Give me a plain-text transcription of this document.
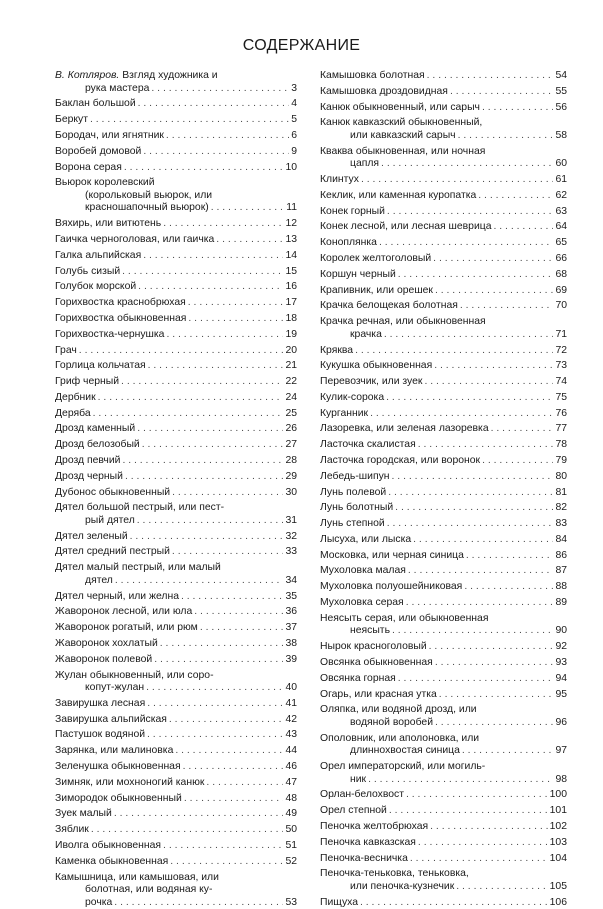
СОДЕРЖАНИЕ
В. Котляров.
Взгляд художника и
рука мастера . . .	3
Баклан большой . . .	4
Беркут . . .	5
Бородач, или ягнятник . . .	6
Воробей домовой . . .	9
Ворона серая . . .	10
Вьюрок королевский
(корольковый вьюрок, или
красношапочный вьюрок) . . .	11
Вяхирь, или витютень . . .	12
Гаичка черноголовая, или гаичка . . .	13
Галка альпийская . . .	14
Голубь сизый . . .	15
Голубок морской . . .	16
Горихвостка краснобрюхая . . .	17
Горихвостка обыкновенная . . .	18
Горихвостка-чернушка . . .	19
Грач . . .	20
Горлица кольчатая . . .	21
Гриф черный . . .	22
Дербник . . .	24
Деряба . . .	25
Дрозд каменный . . .	26
Дрозд белозобый . . .	27
Дрозд певчий . . .	28
Дрозд черный . . .	29
Дубонос обыкновенный . . .	30
Дятел большой пестрый, или пест-
рый дятел . . .	31
Дятел зеленый . . .	32
Дятел средний пестрый . . .	33
Дятел малый пестрый, или малый
дятел . . .	34
Дятел черный, или желна . . .	35
Жаворонок лесной, или юла . . .	36
Жаворонок рогатый, или рюм . . .	37
Жаворонок хохлатый . . .	38
Жаворонок полевой . . .	39
Жулан обыкновенный, или соро-
копут-жулан . . .	40
Завирушка лесная . . .	41
Завирушка альпийская . . .	42
Пастушок водяной . . .	43
Зарянка, или малиновка . . .	44
Зеленушка обыкновенная . . .	46
Зимняк, или мохноногий канюк . . .	47
Зимородок обыкновенный . . .	48
Зуек малый . . .	49
Зяблик . . .	50
Иволга обыкновенная . . .	51
Каменка обыкновенная . . .	52
Камышница, или камышовая, или
болотная, или водяная ку-
рочка . . .	53
Камышовка болотная . . .	54
Камышовка дроздовидная . . .	55
Канюк обыкновенный, или сарыч . . .	56
Канюк кавказский обыкновенный,
или кавказский сарыч . . .	58
Кваква обыкновенная, или ночная
цапля . . .	60
Клинтух . . .	61
Кеклик, или каменная куропатка . . .	62
Конек горный . . .	63
Конек лесной, или лесная шеврица . . .	64
Коноплянка . . .	65
Королек желтоголовый . . .	66
Коршун черный . . .	68
Крапивник, или орешек . . .	69
Крачка белощекая болотная . . .	70
Крачка речная, или обыкновенная
крачка . . .	71
Кряква . . .	72
Кукушка обыкновенная . . .	73
Перевозчик, или зуек . . .	74
Кулик-сорока . . .	75
Курганник . . .	76
Лазоревка, или зеленая лазоревка . . .	77
Ласточка скалистая . . .	78
Ласточка городская, или воронок . . .	79
Лебедь-шипун . . .	80
Лунь полевой . . .	81
Лунь болотный . . .	82
Лунь степной . . .	83
Лысуха, или лыска . . .	84
Московка, или черная синица . . .	86
Мухоловка малая . . .	87
Мухоловка полуошейниковая . . .	88
Мухоловка серая . . .	89
Неясыть серая, или обыкновенная
неясыть . . .	90
Нырок красноголовый . . .	92
Овсянка обыкновенная . . .	93
Овсянка горная . . .	94
Огарь, или красная утка . . .	95
Оляпка, или водяной дрозд, или
водяной воробей . . .	96
Ополовник, или аполоновка, или
длиннохвостая синица . . .	97
Орел императорский, или могиль-
ник . . .	98
Орлан-белохвост . . .	100
Орел степной . . .	101
Пеночка желтобрюхая . . .	102
Пеночка кавказская . . .	103
Пеночка-весничка . . .	104
Пеночка-теньковка, теньковка,
или пеночка-кузнечик . . .	105
Пищуха . . .	106
